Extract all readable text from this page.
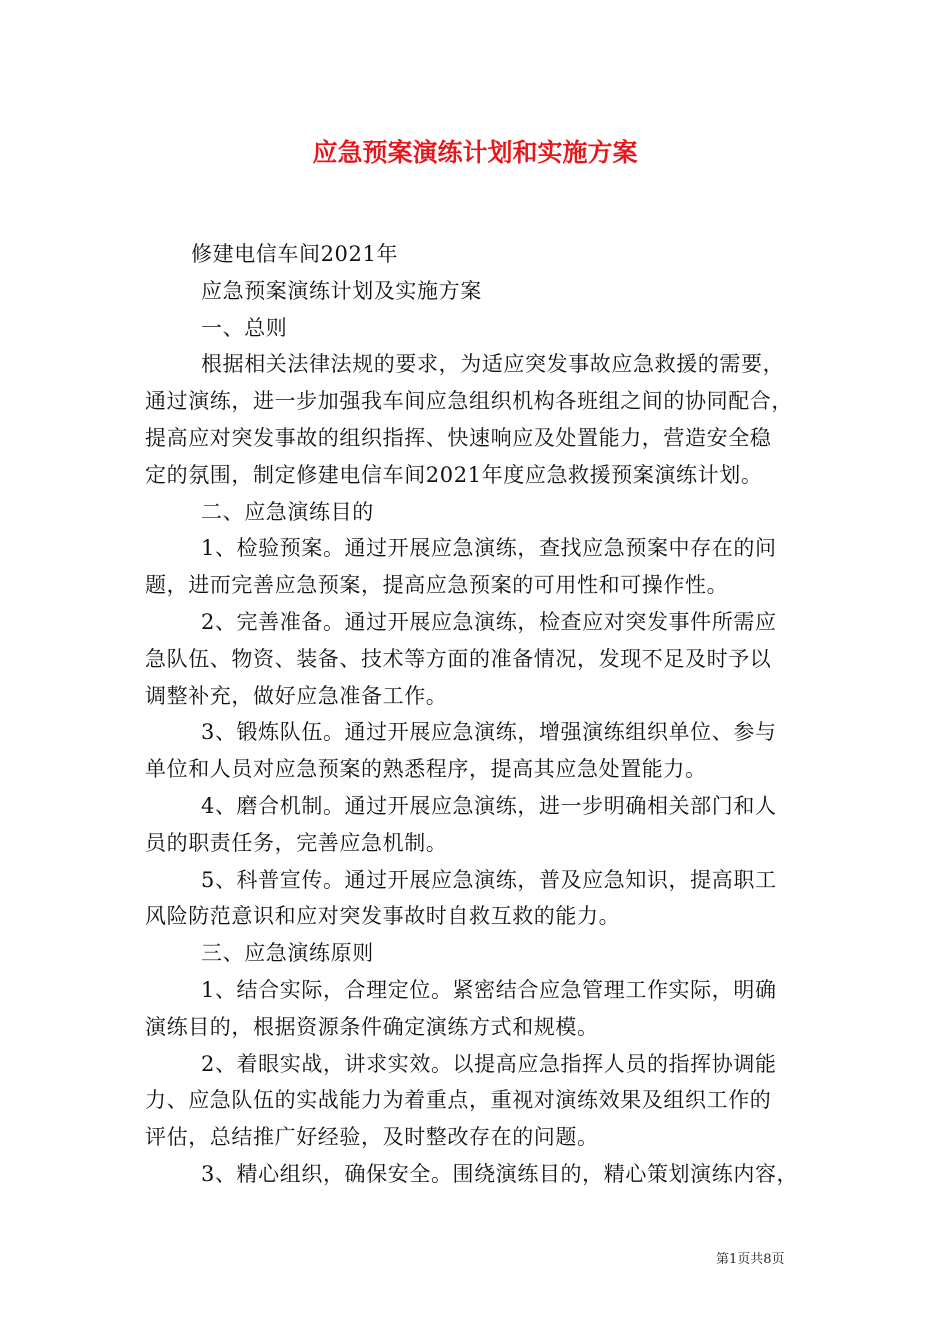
应急预案演练计划和实施方案
修建电信车间2021年
应急预案演练计划及实施方案
一、总则
根据相关法律法规的要求，为适应突发事故应急救援的需要，
通过演练，进一步加强我车间应急组织机构各班组之间的协同配合，
提高应对突发事故的组织指挥、快速响应及处置能力，营造安全稳
定的氛围，制定修建电信车间2021年度应急救援预案演练计划。
二、应急演练目的
1、检验预案。通过开展应急演练，查找应急预案中存在的问
题，进而完善应急预案，提高应急预案的可用性和可操作性。
2、完善准备。通过开展应急演练，检查应对突发事件所需应
急队伍、物资、装备、技术等方面的准备情况，发现不足及时予以
调整补充，做好应急准备工作。
3、锻炼队伍。通过开展应急演练，增强演练组织单位、参与
单位和人员对应急预案的熟悉程序，提高其应急处置能力。
4、磨合机制。通过开展应急演练，进一步明确相关部门和人
员的职责任务，完善应急机制。
5、科普宣传。通过开展应急演练，普及应急知识，提高职工
风险防范意识和应对突发事故时自救互救的能力。
三、应急演练原则
1、结合实际，合理定位。紧密结合应急管理工作实际，明确
演练目的，根据资源条件确定演练方式和规模。
2、着眼实战，讲求实效。以提高应急指挥人员的指挥协调能
力、应急队伍的实战能力为着重点，重视对演练效果及组织工作的
评估，总结推广好经验，及时整改存在的问题。
3、精心组织，确保安全。围绕演练目的，精心策划演练内容，
第1页共8页
